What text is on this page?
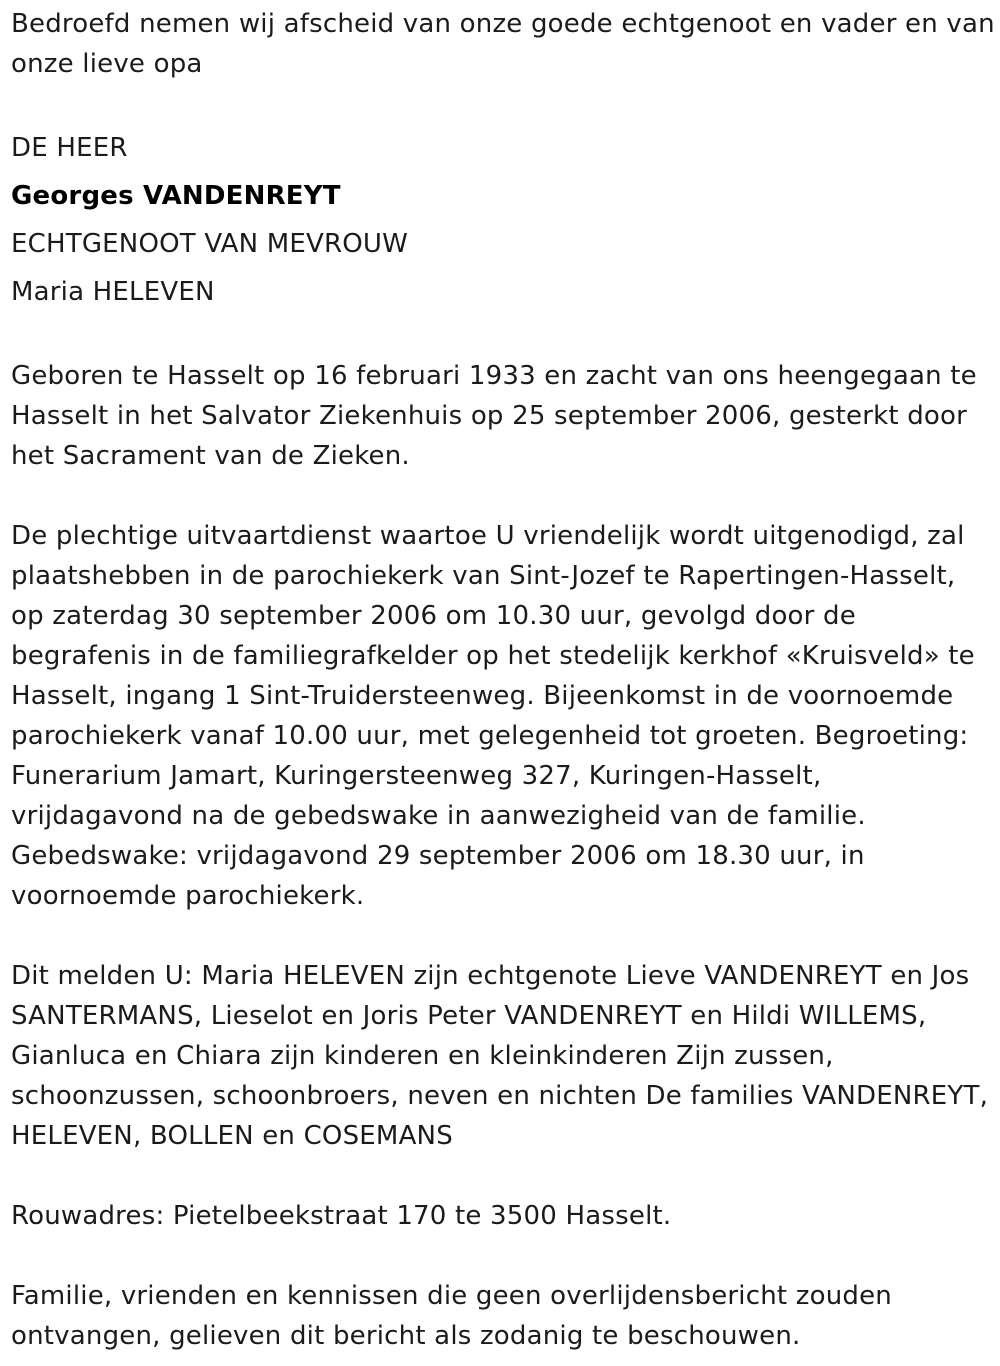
Bedroefd nemen wij afscheid van onze goede echtgenoot en vader en van onze lieve opa

DE HEER

Georges VANDENREYT

ECHTGENOOT VAN MEVROUW

Maria HELEVEN

Geboren te Hasselt op 16 februari 1933 en zacht van ons heengegaan te Hasselt in het Salvator Ziekenhuis op 25 september 2006, gesterkt door het Sacrament van de Zieken.

De plechtige uitvaartdienst waartoe U vriendelijk wordt uitgenodigd, zal plaatshebben in de parochiekerk van Sint-Jozef te Rapertingen-Hasselt, op zaterdag 30 september 2006 om 10.30 uur, gevolgd door de begrafenis in de familiegrafkelder op het stedelijk kerkhof «Kruisveld» te Hasselt, ingang 1 Sint-Truidersteenweg. Bijeenkomst in de voornoemde parochiekerk vanaf 10.00 uur, met gelegenheid tot groeten. Begroeting: Funerarium Jamart, Kuringersteenweg 327, Kuringen-Hasselt, vrijdagavond na de gebedswake in aanwezigheid van de familie. Gebedswake: vrijdagavond 29 september 2006 om 18.30 uur, in voornoemde parochiekerk.

Dit melden U: Maria HELEVEN zijn echtgenote Lieve VANDENREYT en Jos SANTERMANS, Lieselot en Joris Peter VANDENREYT en Hildi WILLEMS, Gianluca en Chiara zijn kinderen en kleinkinderen Zijn zussen, schoonzussen, schoonbroers, neven en nichten De families VANDENREYT, HELEVEN, BOLLEN en COSEMANS

Rouwadres: Pietelbeekstraat 170 te 3500 Hasselt.

Familie, vrienden en kennissen die geen overlijdensbericht zouden ontvangen, gelieven dit bericht als zodanig te beschouwen.
